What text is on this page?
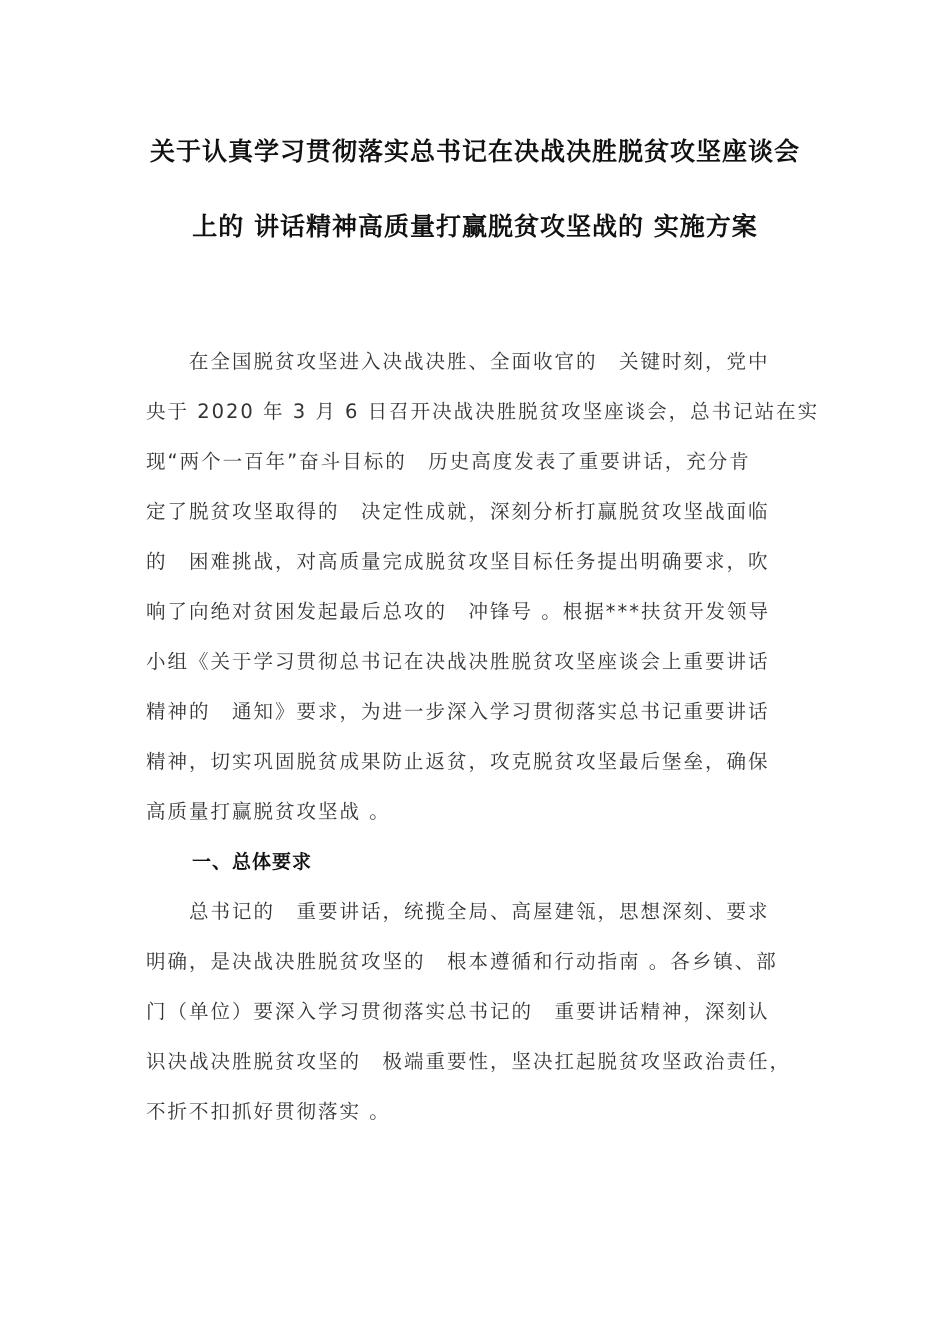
关于认真学习贯彻落实总书记在决战决胜脱贫攻坚座谈会
上的 讲话精神高质量打赢脱贫攻坚战的 实施方案
　　在全国脱贫攻坚进入决战决胜、全面收官的　关键时刻，党中
央于 2020 年 3 月 6 日召开决战决胜脱贫攻坚座谈会，总书记站在实
现“两个一百年”奋斗目标的　历史高度发表了重要讲话，充分肯
定了脱贫攻坚取得的　决定性成就，深刻分析打赢脱贫攻坚战面临
的　困难挑战，对高质量完成脱贫攻坚目标任务提出明确要求，吹
响了向绝对贫困发起最后总攻的　冲锋号 。根据***扶贫开发领导
小组《关于学习贯彻总书记在决战决胜脱贫攻坚座谈会上重要讲话
精神的　通知》要求，为进一步深入学习贯彻落实总书记重要讲话
精神，切实巩固脱贫成果防止返贫，攻克脱贫攻坚最后堡垒，确保
高质量打赢脱贫攻坚战 。
一、总体要求
　　总书记的　重要讲话，统揽全局、高屋建瓴，思想深刻、要求
明确，是决战决胜脱贫攻坚的　根本遵循和行动指南 。各乡镇、部
门（单位）要深入学习贯彻落实总书记的　重要讲话精神，深刻认
识决战决胜脱贫攻坚的　极端重要性，坚决扛起脱贫攻坚政治责任，
不折不扣抓好贯彻落实 。
